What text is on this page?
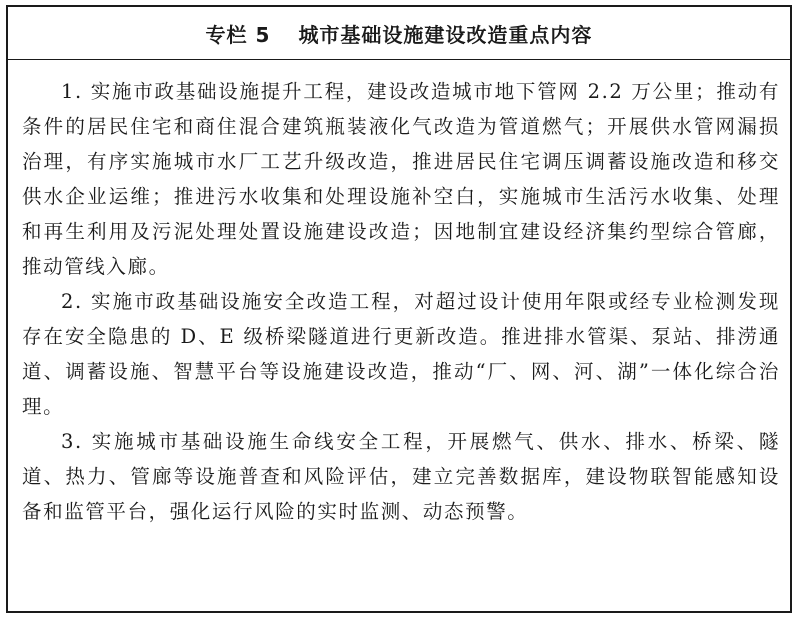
专栏 5 城市基础设施建设改造重点内容

1. 实施市政基础设施提升工程，建设改造城市地下管网 2.2 万公里；推动有条件的居民住宅和商住混合建筑瓶装液化气改造为管道燃气；开展供水管网漏损治理，有序实施城市水厂工艺升级改造，推进居民住宅调压调蓄设施改造和移交供水企业运维；推进污水收集和处理设施补空白，实施城市生活污水收集、处理和再生利用及污泥处理处置设施建设改造；因地制宜建设经济集约型综合管廊，推动管线入廊。

2. 实施市政基础设施安全改造工程，对超过设计使用年限或经专业检测发现存在安全隐患的 D、E 级桥梁隧道进行更新改造。推进排水管渠、泵站、排涝通道、调蓄设施、智慧平台等设施建设改造，推动“厂、网、河、湖”一体化综合治理。

3. 实施城市基础设施生命线安全工程，开展燃气、供水、排水、桥梁、隧道、热力、管廊等设施普查和风险评估，建立完善数据库，建设物联智能感知设备和监管平台，强化运行风险的实时监测、动态预警。
